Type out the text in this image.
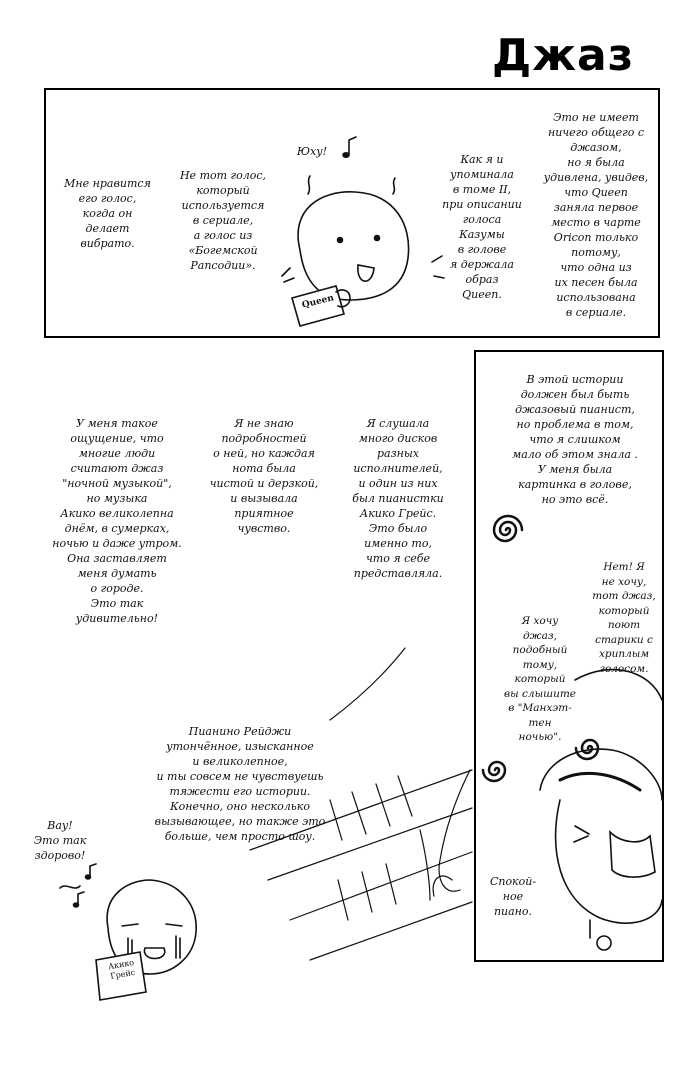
Джаз
Мне нравится
его голос,
когда он
делает
вибрато.
Не тот голос,
который
используется
в сериале,
а голос из
«Богемской
Рапсодии».
Юху!
Как я и
упоминала
в томе II,
при описании
голоса
Казумы
в голове
я держала
образ
Queen.
Это не имеет
ничего общего с
джазом,
но я была
удивлена, увидев,
что Queen
заняла первое
место в чарте
Oricon только
потому,
что одна из
их песен была
использована
в сериале.
В этой истории
должен был быть
джазовый пианист,
но проблема в том,
что я слишком
мало об этом знала .
У меня была
картинка в голове,
но это всё.
Нет! Я
не хочу,
тот джаз,
который
поют
старики с
хриплым
голосом.
Я хочу
джаз,
подобный
тому,
который
вы слышите
в "Манхэт-
тен
ночью".
Спокой-
ное
пиано.
У меня такое
ощущение, что
многие люди
считают джаз
"ночной музыкой",
но музыка
Акико великолепна
днём, в сумерках,
ночью и даже утром.
Она заставляет
меня думать
о городе.
Это так
удивительно!
Я не знаю
подробностей
о ней, но каждая
нота была
чистой и дерзкой,
и вызывала
приятное
чувство.
Я слушала
много дисков
разных
исполнителей,
и один из них
был пианистки
Акико Грейс.
Это было
именно то,
что я себе
представляла.
Пианино Рейджи
утончённое, изысканное
и великолепное,
и ты совсем не чувствуешь
тяжести его истории.
Конечно, оно несколько
вызывающее, но также это
больше, чем просто шоу.
Вау!
Это так
здорово!
Queen
Акико
Грейс
